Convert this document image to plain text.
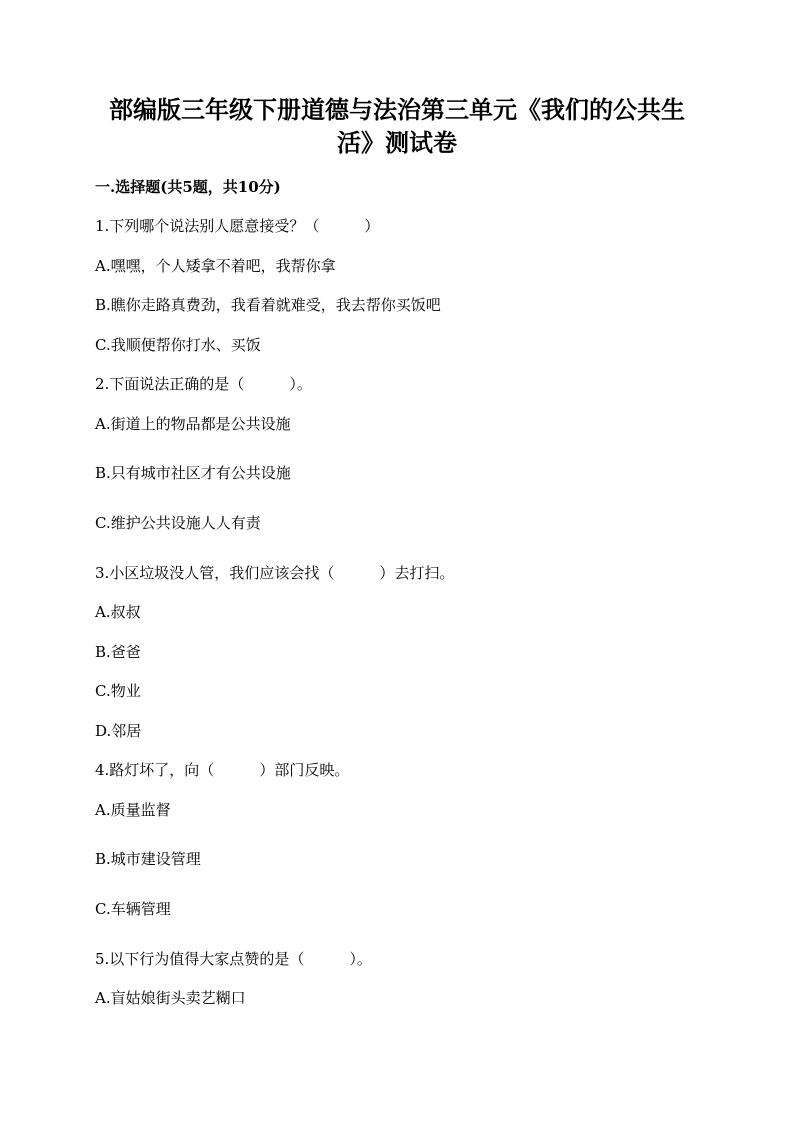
部编版三年级下册道德与法治第三单元《我们的公共生
活》测试卷
一.选择题(共5题，共10分)
1.下列哪个说法别人愿意接受？（　　　）
A.嘿嘿，个人矮拿不着吧，我帮你拿
B.瞧你走路真费劲，我看着就难受，我去帮你买饭吧
C.我顺便帮你打水、买饭
2.下面说法正确的是（　　　）。
A.街道上的物品都是公共设施
B.只有城市社区才有公共设施
C.维护公共设施人人有责
3.小区垃圾没人管，我们应该会找（　　　）去打扫。
A.叔叔
B.爸爸
C.物业
D.邻居
4.路灯坏了，向（　　　）部门反映。
A.质量监督
B.城市建设管理
C.车辆管理
5.以下行为值得大家点赞的是（　　　）。
A.盲姑娘街头卖艺糊口
